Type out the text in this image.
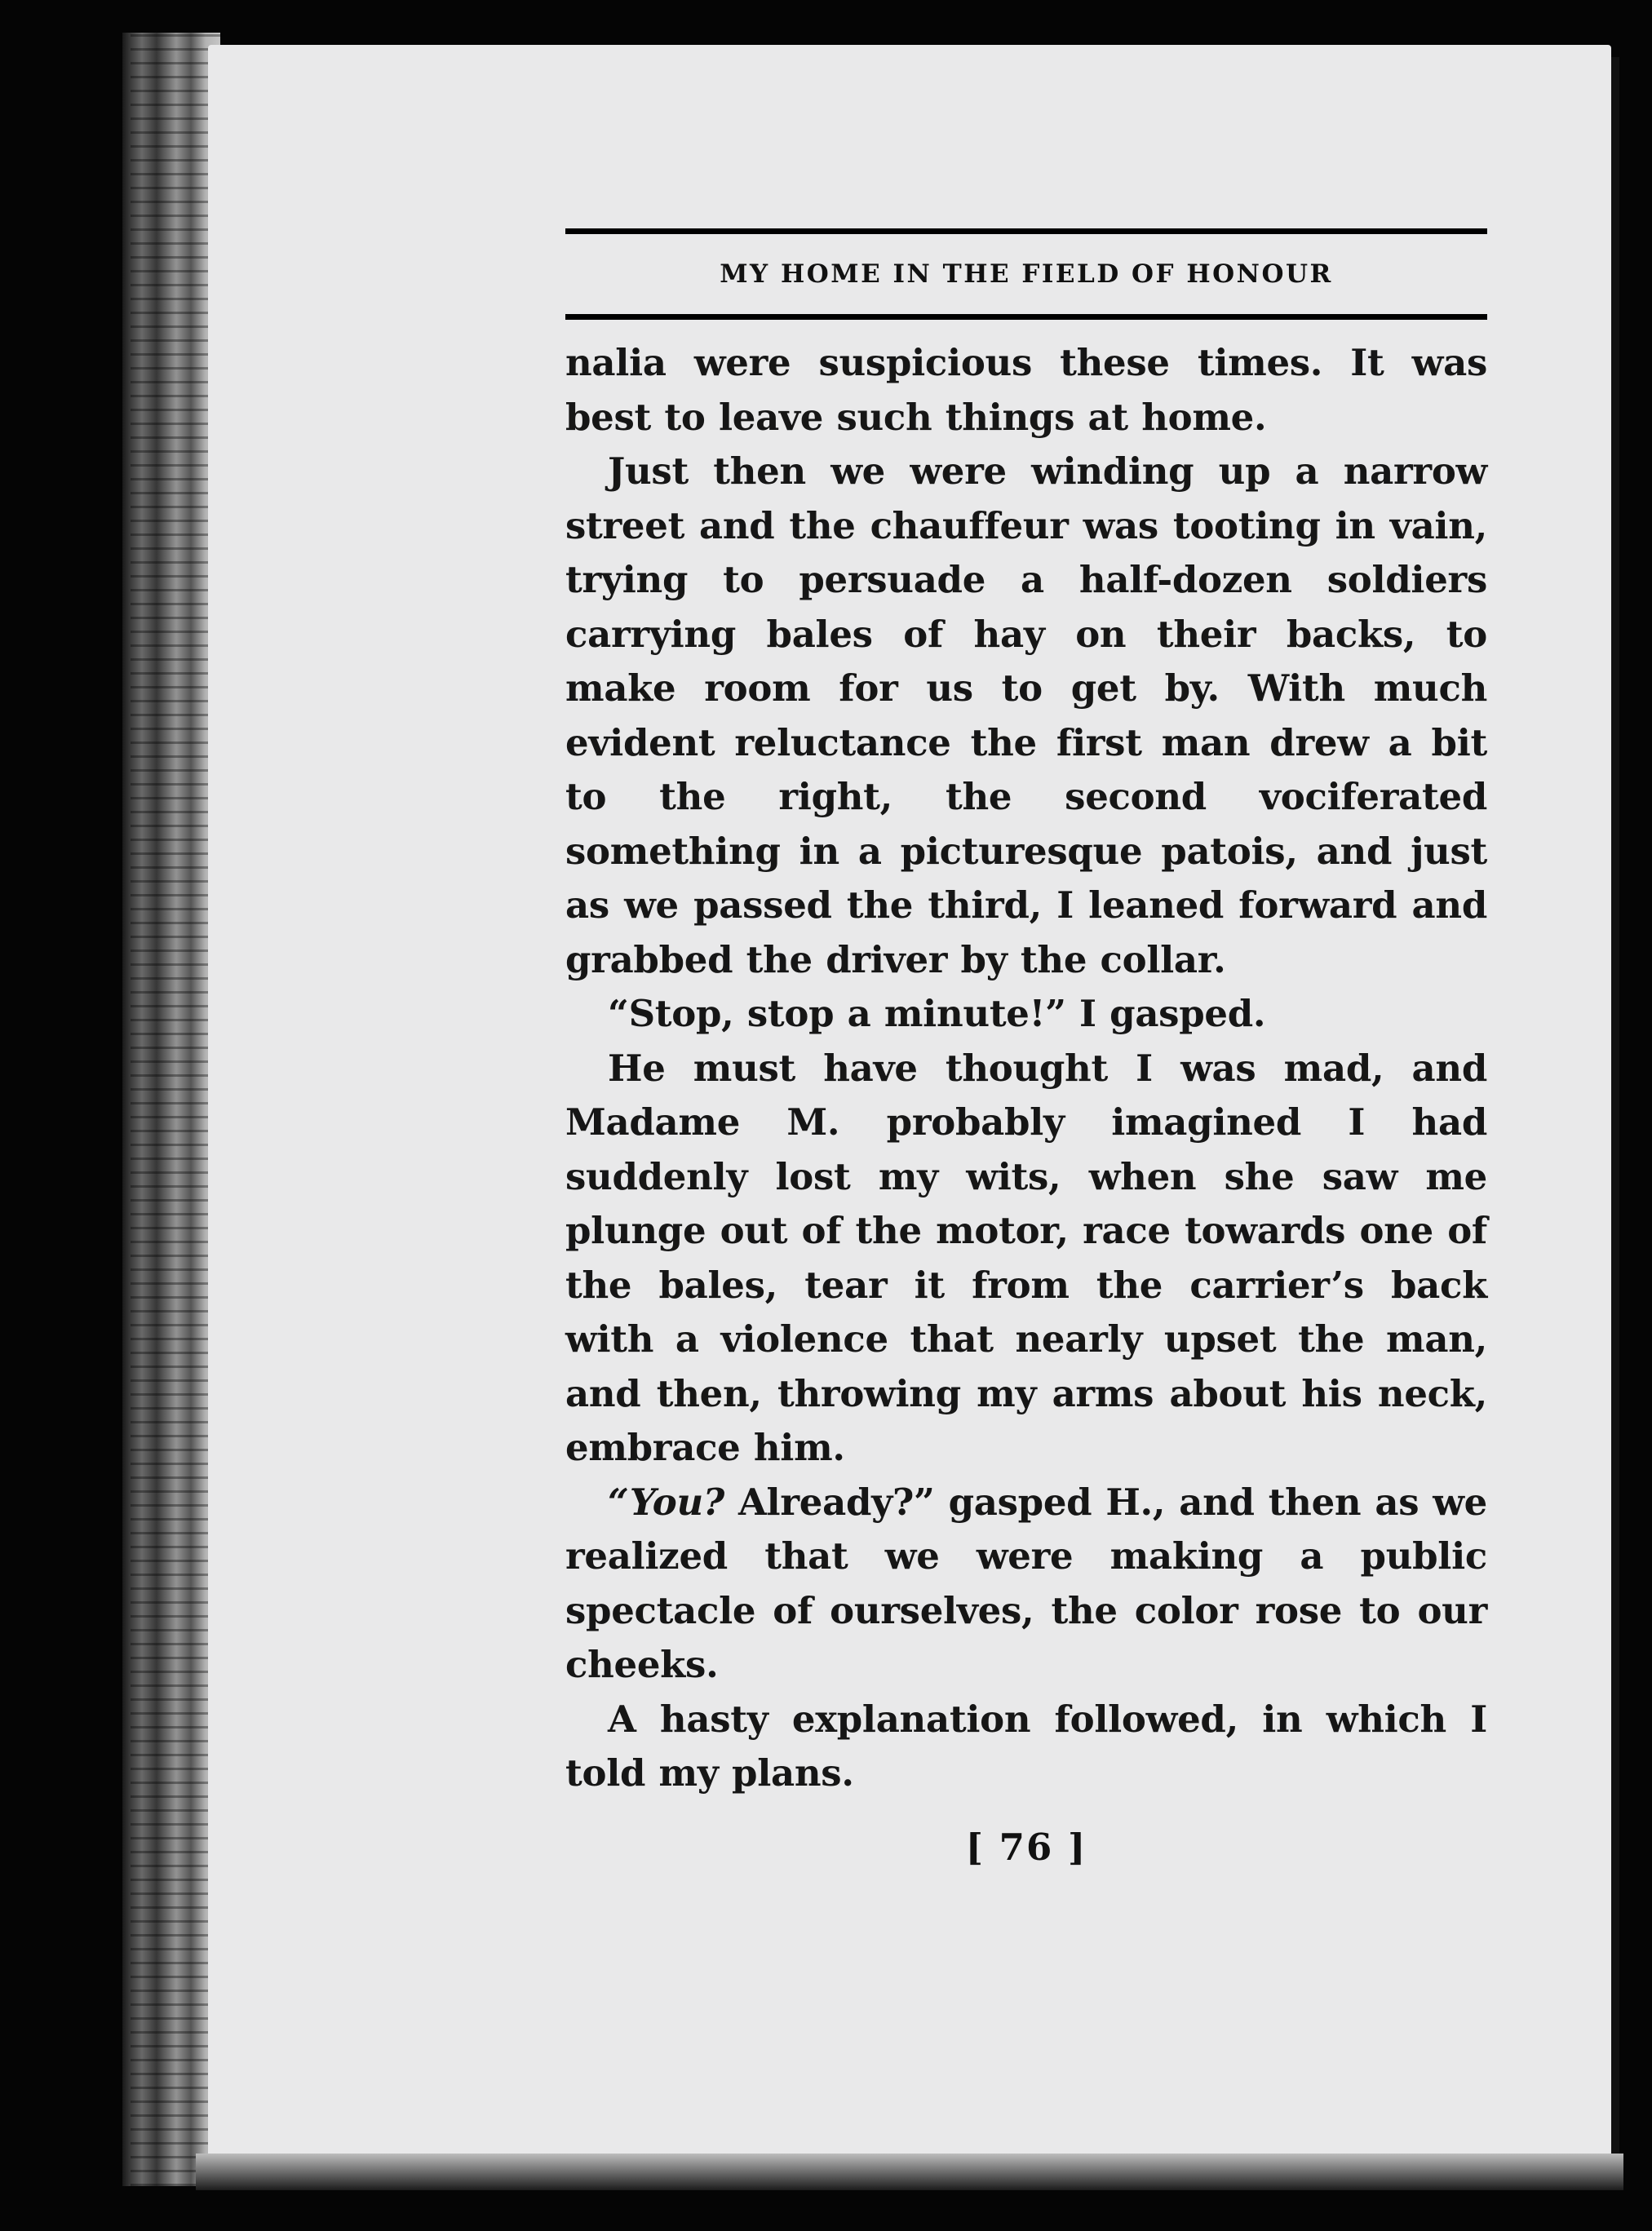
MY HOME IN THE FIELD OF HONOUR

nalia were suspicious these times. It was best to leave such things at home.

Just then we were winding up a narrow street and the chauffeur was tooting in vain, trying to persuade a half-dozen soldiers carrying bales of hay on their backs, to make room for us to get by. With much evident reluctance the first man drew a bit to the right, the second vociferated something in a picturesque patois, and just as we passed the third, I leaned forward and grabbed the driver by the collar.

“Stop, stop a minute!” I gasped.

He must have thought I was mad, and Madame M. probably imagined I had suddenly lost my wits, when she saw me plunge out of the motor, race towards one of the bales, tear it from the carrier’s back with a violence that nearly upset the man, and then, throwing my arms about his neck, embrace him.

“You? Already?” gasped H., and then as we realized that we were making a public spectacle of ourselves, the color rose to our cheeks.

A hasty explanation followed, in which I told my plans.

[ 76 ]
